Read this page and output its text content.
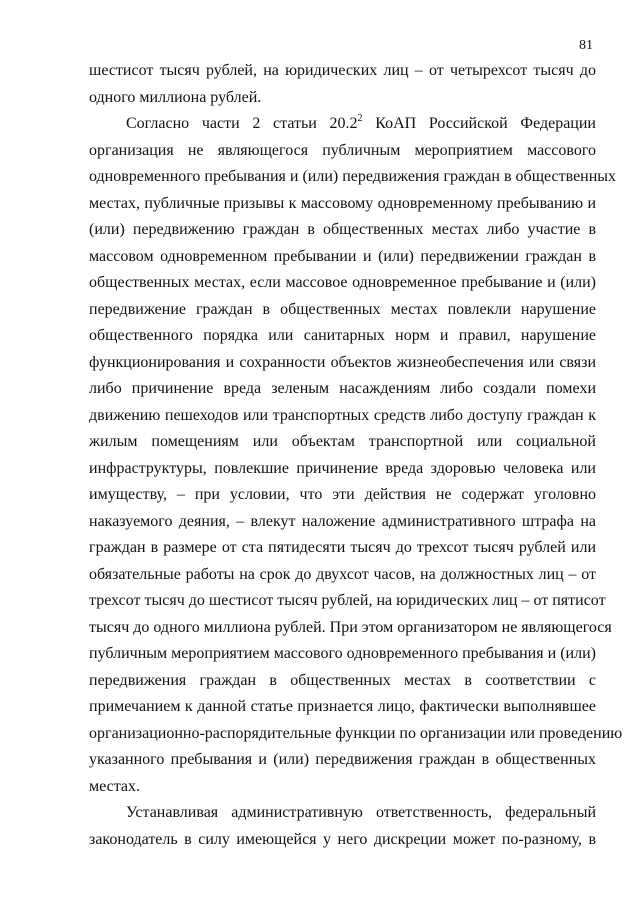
81
шестисот тысяч рублей, на юридических лиц – от четырехсот тысяч до
одного миллиона рублей.
Согласно части 2 статьи 20.2$^2$ КоАП Российской Федерации
организация не являющегося публичным мероприятием массового
одновременного пребывания и (или) передвижения граждан в общественных
местах, публичные призывы к массовому одновременному пребыванию и
(или) передвижению граждан в общественных местах либо участие в
массовом одновременном пребывании и (или) передвижении граждан в
общественных местах, если массовое одновременное пребывание и (или)
передвижение граждан в общественных местах повлекли нарушение
общественного порядка или санитарных норм и правил, нарушение
функционирования и сохранности объектов жизнеобеспечения или связи
либо причинение вреда зеленым насаждениям либо создали помехи
движению пешеходов или транспортных средств либо доступу граждан к
жилым помещениям или объектам транспортной или социальной
инфраструктуры, повлекшие причинение вреда здоровью человека или
имуществу, – при условии, что эти действия не содержат уголовно
наказуемого деяния, – влекут наложение административного штрафа на
граждан в размере от ста пятидесяти тысяч до трехсот тысяч рублей или
обязательные работы на срок до двухсот часов, на должностных лиц – от
трехсот тысяч до шестисот тысяч рублей, на юридических лиц – от пятисот
тысяч до одного миллиона рублей. При этом организатором не являющегося
публичным мероприятием массового одновременного пребывания и (или)
передвижения граждан в общественных местах в соответствии с
примечанием к данной статье признается лицо, фактически выполнявшее
организационно-распорядительные функции по организации или проведению
указанного пребывания и (или) передвижения граждан в общественных
местах.
Устанавливая административную ответственность, федеральный
законодатель в силу имеющейся у него дискреции может по-разному, в
